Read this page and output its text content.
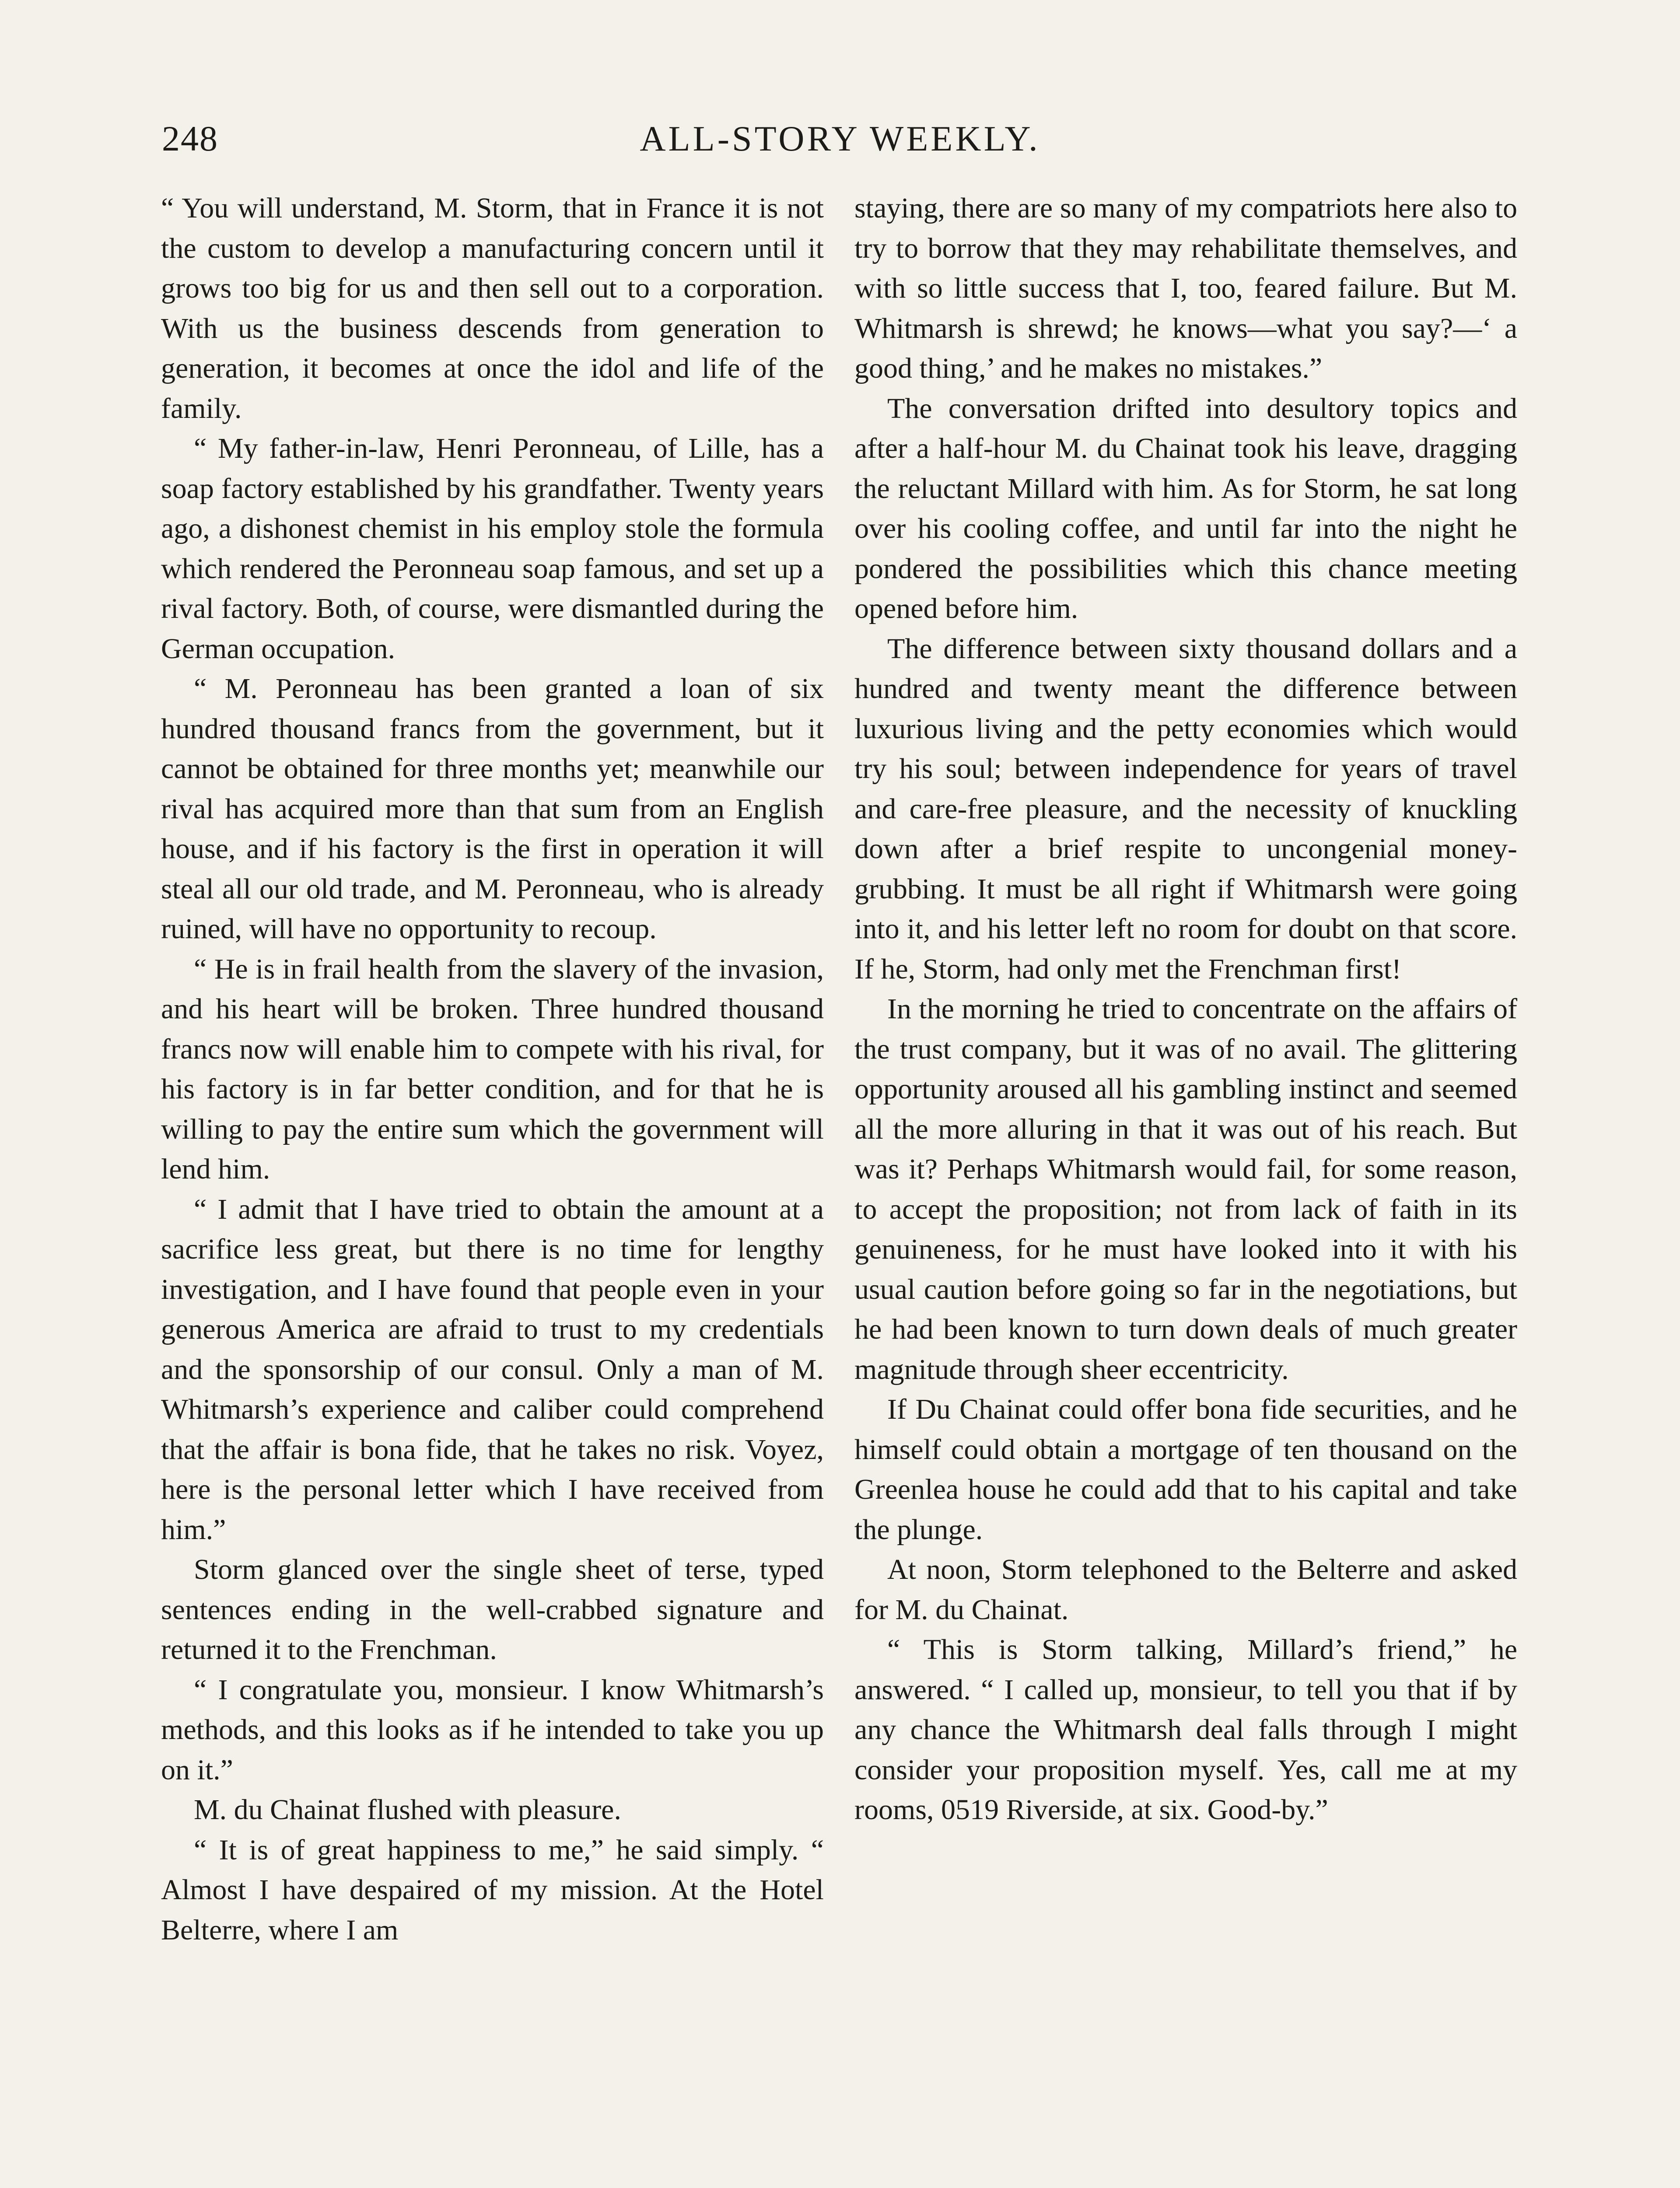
248	ALL-STORY WEEKLY.

“ You will understand, M. Storm, that in France it is not the custom to develop a manufacturing concern until it grows too big for us and then sell out to a corporation. With us the business descends from generation to generation, it becomes at once the idol and life of the family.

“ My father-in-law, Henri Peronneau, of Lille, has a soap factory established by his grandfather. Twenty years ago, a dishonest chemist in his employ stole the formula which rendered the Peronneau soap famous, and set up a rival factory. Both, of course, were dismantled during the German occupation.

“ M. Peronneau has been granted a loan of six hundred thousand francs from the government, but it cannot be obtained for three months yet; meanwhile our rival has acquired more than that sum from an English house, and if his factory is the first in operation it will steal all our old trade, and M. Peronneau, who is already ruined, will have no opportunity to recoup.

“ He is in frail health from the slavery of the invasion, and his heart will be broken. Three hundred thousand francs now will enable him to compete with his rival, for his factory is in far better condition, and for that he is willing to pay the entire sum which the government will lend him.

“ I admit that I have tried to obtain the amount at a sacrifice less great, but there is no time for lengthy investigation, and I have found that people even in your generous America are afraid to trust to my credentials and the sponsorship of our consul. Only a man of M. Whitmarsh’s experience and caliber could comprehend that the affair is bona fide, that he takes no risk. Voyez, here is the personal letter which I have received from him.”

Storm glanced over the single sheet of terse, typed sentences ending in the well-crabbed signature and returned it to the Frenchman.

“ I congratulate you, monsieur. I know Whitmarsh’s methods, and this looks as if he intended to take you up on it.”

M. du Chainat flushed with pleasure.

“ It is of great happiness to me,” he said simply. “ Almost I have despaired of my mission. At the Hotel Belterre, where I am

staying, there are so many of my compatriots here also to try to borrow that they may rehabilitate themselves, and with so little success that I, too, feared failure. But M. Whitmarsh is shrewd; he knows—what you say?—‘ a good thing,’ and he makes no mistakes.”

The conversation drifted into desultory topics and after a half-hour M. du Chainat took his leave, dragging the reluctant Millard with him. As for Storm, he sat long over his cooling coffee, and until far into the night he pondered the possibilities which this chance meeting opened before him.

The difference between sixty thousand dollars and a hundred and twenty meant the difference between luxurious living and the petty economies which would try his soul; between independence for years of travel and care-free pleasure, and the necessity of knuckling down after a brief respite to uncongenial money-grubbing. It must be all right if Whitmarsh were going into it, and his letter left no room for doubt on that score. If he, Storm, had only met the Frenchman first!

In the morning he tried to concentrate on the affairs of the trust company, but it was of no avail. The glittering opportunity aroused all his gambling instinct and seemed all the more alluring in that it was out of his reach. But was it? Perhaps Whitmarsh would fail, for some reason, to accept the proposition; not from lack of faith in its genuineness, for he must have looked into it with his usual caution before going so far in the negotiations, but he had been known to turn down deals of much greater magnitude through sheer eccentricity.

If Du Chainat could offer bona fide securities, and he himself could obtain a mortgage of ten thousand on the Greenlea house he could add that to his capital and take the plunge.

At noon, Storm telephoned to the Belterre and asked for M. du Chainat.

“ This is Storm talking, Millard’s friend,” he answered. “ I called up, monsieur, to tell you that if by any chance the Whitmarsh deal falls through I might consider your proposition myself. Yes, call me at my rooms, 0519 Riverside, at six. Good-by.”
